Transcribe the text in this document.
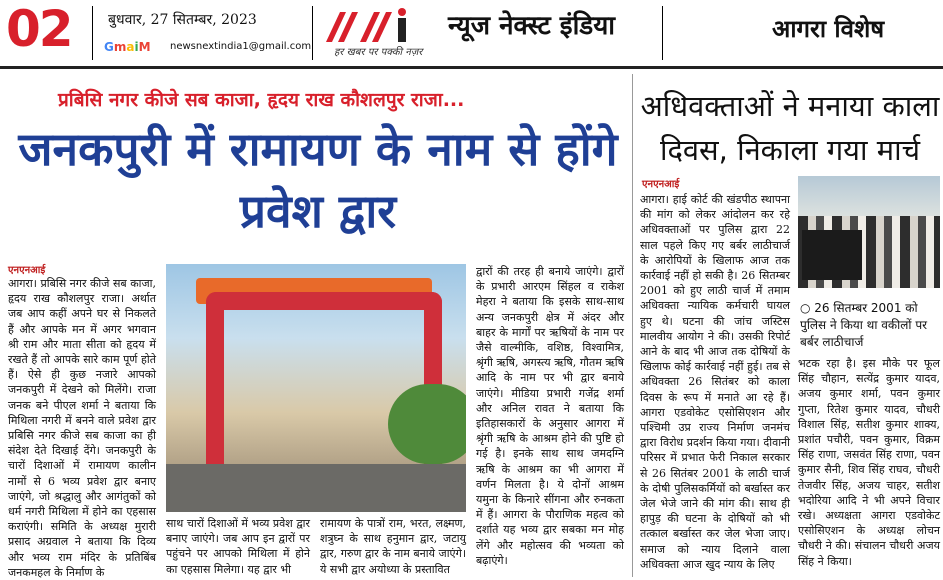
02	बुधवार, 27 सितम्बर, 2023
GmaiM newsnextindia1@gmail.com
न्यूज नेक्स्ट इंडिया
हर खबर पर पक्की नज़र
आगरा विशेष
प्रबिसि नगर कीजे सब काजा, हृदय राख कौशलपुर राजा...
जनकपुरी में रामायण के नाम से होंगे प्रवेश द्वार
एनएनआई
आगरा। प्रबिसि नगर कीजे सब काजा, हृदय राख कौशलपुर राजा। अर्थात जब आप कहीं अपने घर से निकलते हैं और आपके मन में अगर भगवान श्री राम और माता सीता को हृदय में रखते हैं तो आपके सारे काम पूर्ण होते हैं। ऐसे ही कुछ नजारे आपको जनकपुरी में देखने को मिलेंगे। राजा जनक बने पीएल शर्मा ने बताया कि मिथिला नगरी में बनने वाले प्रवेश द्वार प्रबिसि नगर कीजे सब काजा का ही संदेश देते दिखाई देंगे। जनकपुरी के चारों दिशाओं में रामायण कालीन नामों से 6 भव्य प्रवेश द्वार बनाए जाएंगे, जो श्रद्धालु और आगंतुकों को धर्म नगरी मिथिला में होने का एहसास कराएंगी। समिति के अध्यक्ष मुरारी प्रसाद अग्रवाल ने बताया कि दिव्य और भव्य राम मंदिर के प्रतिबिंब जनकमहल के निर्माण के
साथ चारों दिशाओं में भव्य प्रवेश द्वार बनाए जाएंगे। जब आप इन द्वारों पर पहुंचने पर आपको मिथिला में होने का एहसास मिलेगा। यह द्वार भी
रामायण के पात्रों राम, भरत, लक्ष्मण, शत्रुघ्न के साथ हनुमान द्वार, जटायु द्वार, गरुण द्वार के नाम बनाये जाएंगे। ये सभी द्वार अयोध्या के प्रस्तावित
द्वारों की तरह ही बनाये जाएंगे। द्वारों के प्रभारी आरएम सिंहल व राकेश मेहरा ने बताया कि इसके साथ-साथ अन्य जनकपुरी क्षेत्र में अंदर और बाहर के मार्गों पर ऋषियों के नाम पर जैसे वाल्मीकि, वशिष्ठ, विश्वामित्र, श्रृंगी ऋषि, अगस्त्य ऋषि, गौतम ऋषि आदि के नाम पर भी द्वार बनाये जाएंगे। मीडिया प्रभारी गजेंद्र शर्मा और अनिल रावत ने बताया कि इतिहासकारों के अनुसार आगरा में श्रृंगी ऋषि के आश्रम होने की पुष्टि हो गई है। इनके साथ साथ जमदग्नि ऋषि के आश्रम का भी आगरा में वर्णन मिलता है। ये दोनों आश्रम यमुना के किनारे सींगना और रुनकता में हैं। आगरा के पौराणिक महत्व को दर्शाते यह भव्य द्वार सबका मन मोह लेंगे और महोत्सव की भव्यता को बढ़ाएंगे।
अधिवक्ताओं ने मनाया काला दिवस, निकाला गया मार्च
एनएनआई
आगरा। हाई कोर्ट की खंडपीठ स्थापना की मांग को लेकर आंदोलन कर रहे अधिवक्ताओं पर पुलिस द्वारा 22 साल पहले किए गए बर्बर लाठीचार्ज के आरोपियों के खिलाफ आज तक कार्रवाई नहीं हो सकी है। 26 सितम्बर 2001 को हुए लाठी चार्ज में तमाम अधिवक्ता न्यायिक कर्मचारी घायल हुए थे। घटना की जांच जस्टिस मालवीय आयोग ने की। उसकी रिपोर्ट आने के बाद भी आज तक दोषियों के खिलाफ कोई कार्रवाई नहीं हुई। तब से अधिवक्ता 26 सितंबर को काला दिवस के रूप में मनाते आ रहे हैं। आगरा एडवोकेट एसोसिएशन और पश्चिमी उप्र राज्य निर्माण जनमंच द्वारा विरोध प्रदर्शन किया गया। दीवानी परिसर में प्रभात फेरी निकाल सरकार से 26 सितंबर 2001 के लाठी चार्ज के दोषी पुलिसकर्मियों को बर्खास्त कर जेल भेजे जाने की मांग की। साथ ही हापुड़ की घटना के दोषियों को भी तत्काल बर्खास्त कर जेल भेजा जाए। समाज को न्याय दिलाने वाला अधिवक्ता आज खुद न्याय के लिए
○ 26 सितम्बर 2001 को पुलिस ने किया था वकीलों पर बर्बर लाठीचार्ज
भटक रहा है। इस मौके पर फूल सिंह चौहान, सत्येंद्र कुमार यादव, अजय कुमार शर्मा, पवन कुमार गुप्ता, रितेश कुमार यादव, चौधरी विशाल सिंह, सतीश कुमार शाक्य, प्रशांत पचौरी, पवन कुमार, विक्रम सिंह राणा, जसवंत सिंह राणा, पवन कुमार सैनी, शिव सिंह राघव, चौधरी तेजवीर सिंह, अजय चाहर, सतीश भदोरिया आदि ने भी अपने विचार रखे। अध्यक्षता आगरा एडवोकेट एसोसिएशन के अध्यक्ष लोचन चौधरी ने की। संचालन चौधरी अजय सिंह ने किया।
